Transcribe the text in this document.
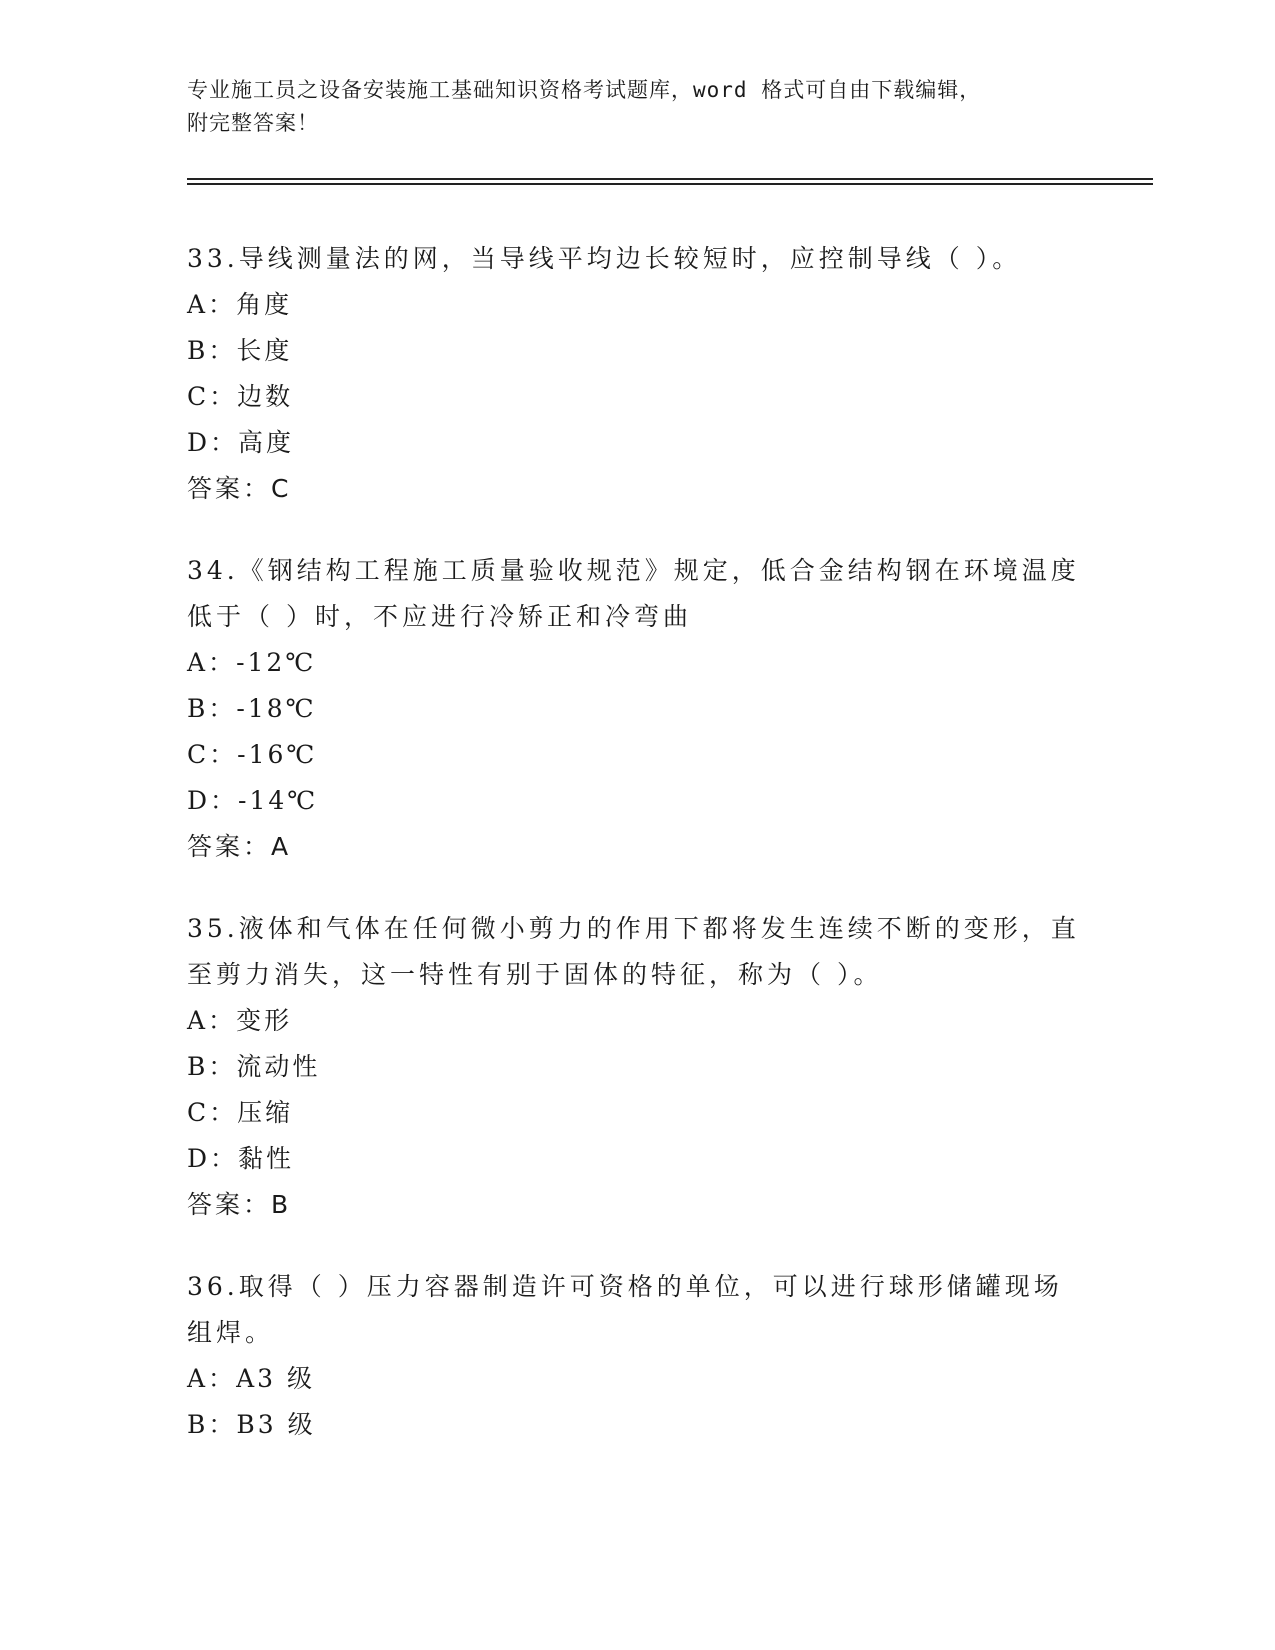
专业施工员之设备安装施工基础知识资格考试题库，word 格式可自由下载编辑，
附完整答案！

33.导线测量法的网，当导线平均边长较短时，应控制导线（ ）。

A：角度

B：长度

C：边数

D：高度

答案：C

34.《钢结构工程施工质量验收规范》规定，低合金结构钢在环境温度

低于（ ）时，不应进行冷矫正和冷弯曲

A：-12℃

B：-18℃

C：-16℃

D：-14℃

答案：A

35.液体和气体在任何微小剪力的作用下都将发生连续不断的变形，直

至剪力消失，这一特性有别于固体的特征，称为（ ）。

A：变形

B：流动性

C：压缩

D：黏性

答案：B

36.取得（ ）压力容器制造许可资格的单位，可以进行球形储罐现场

组焊。

A：A3 级

B：B3 级
